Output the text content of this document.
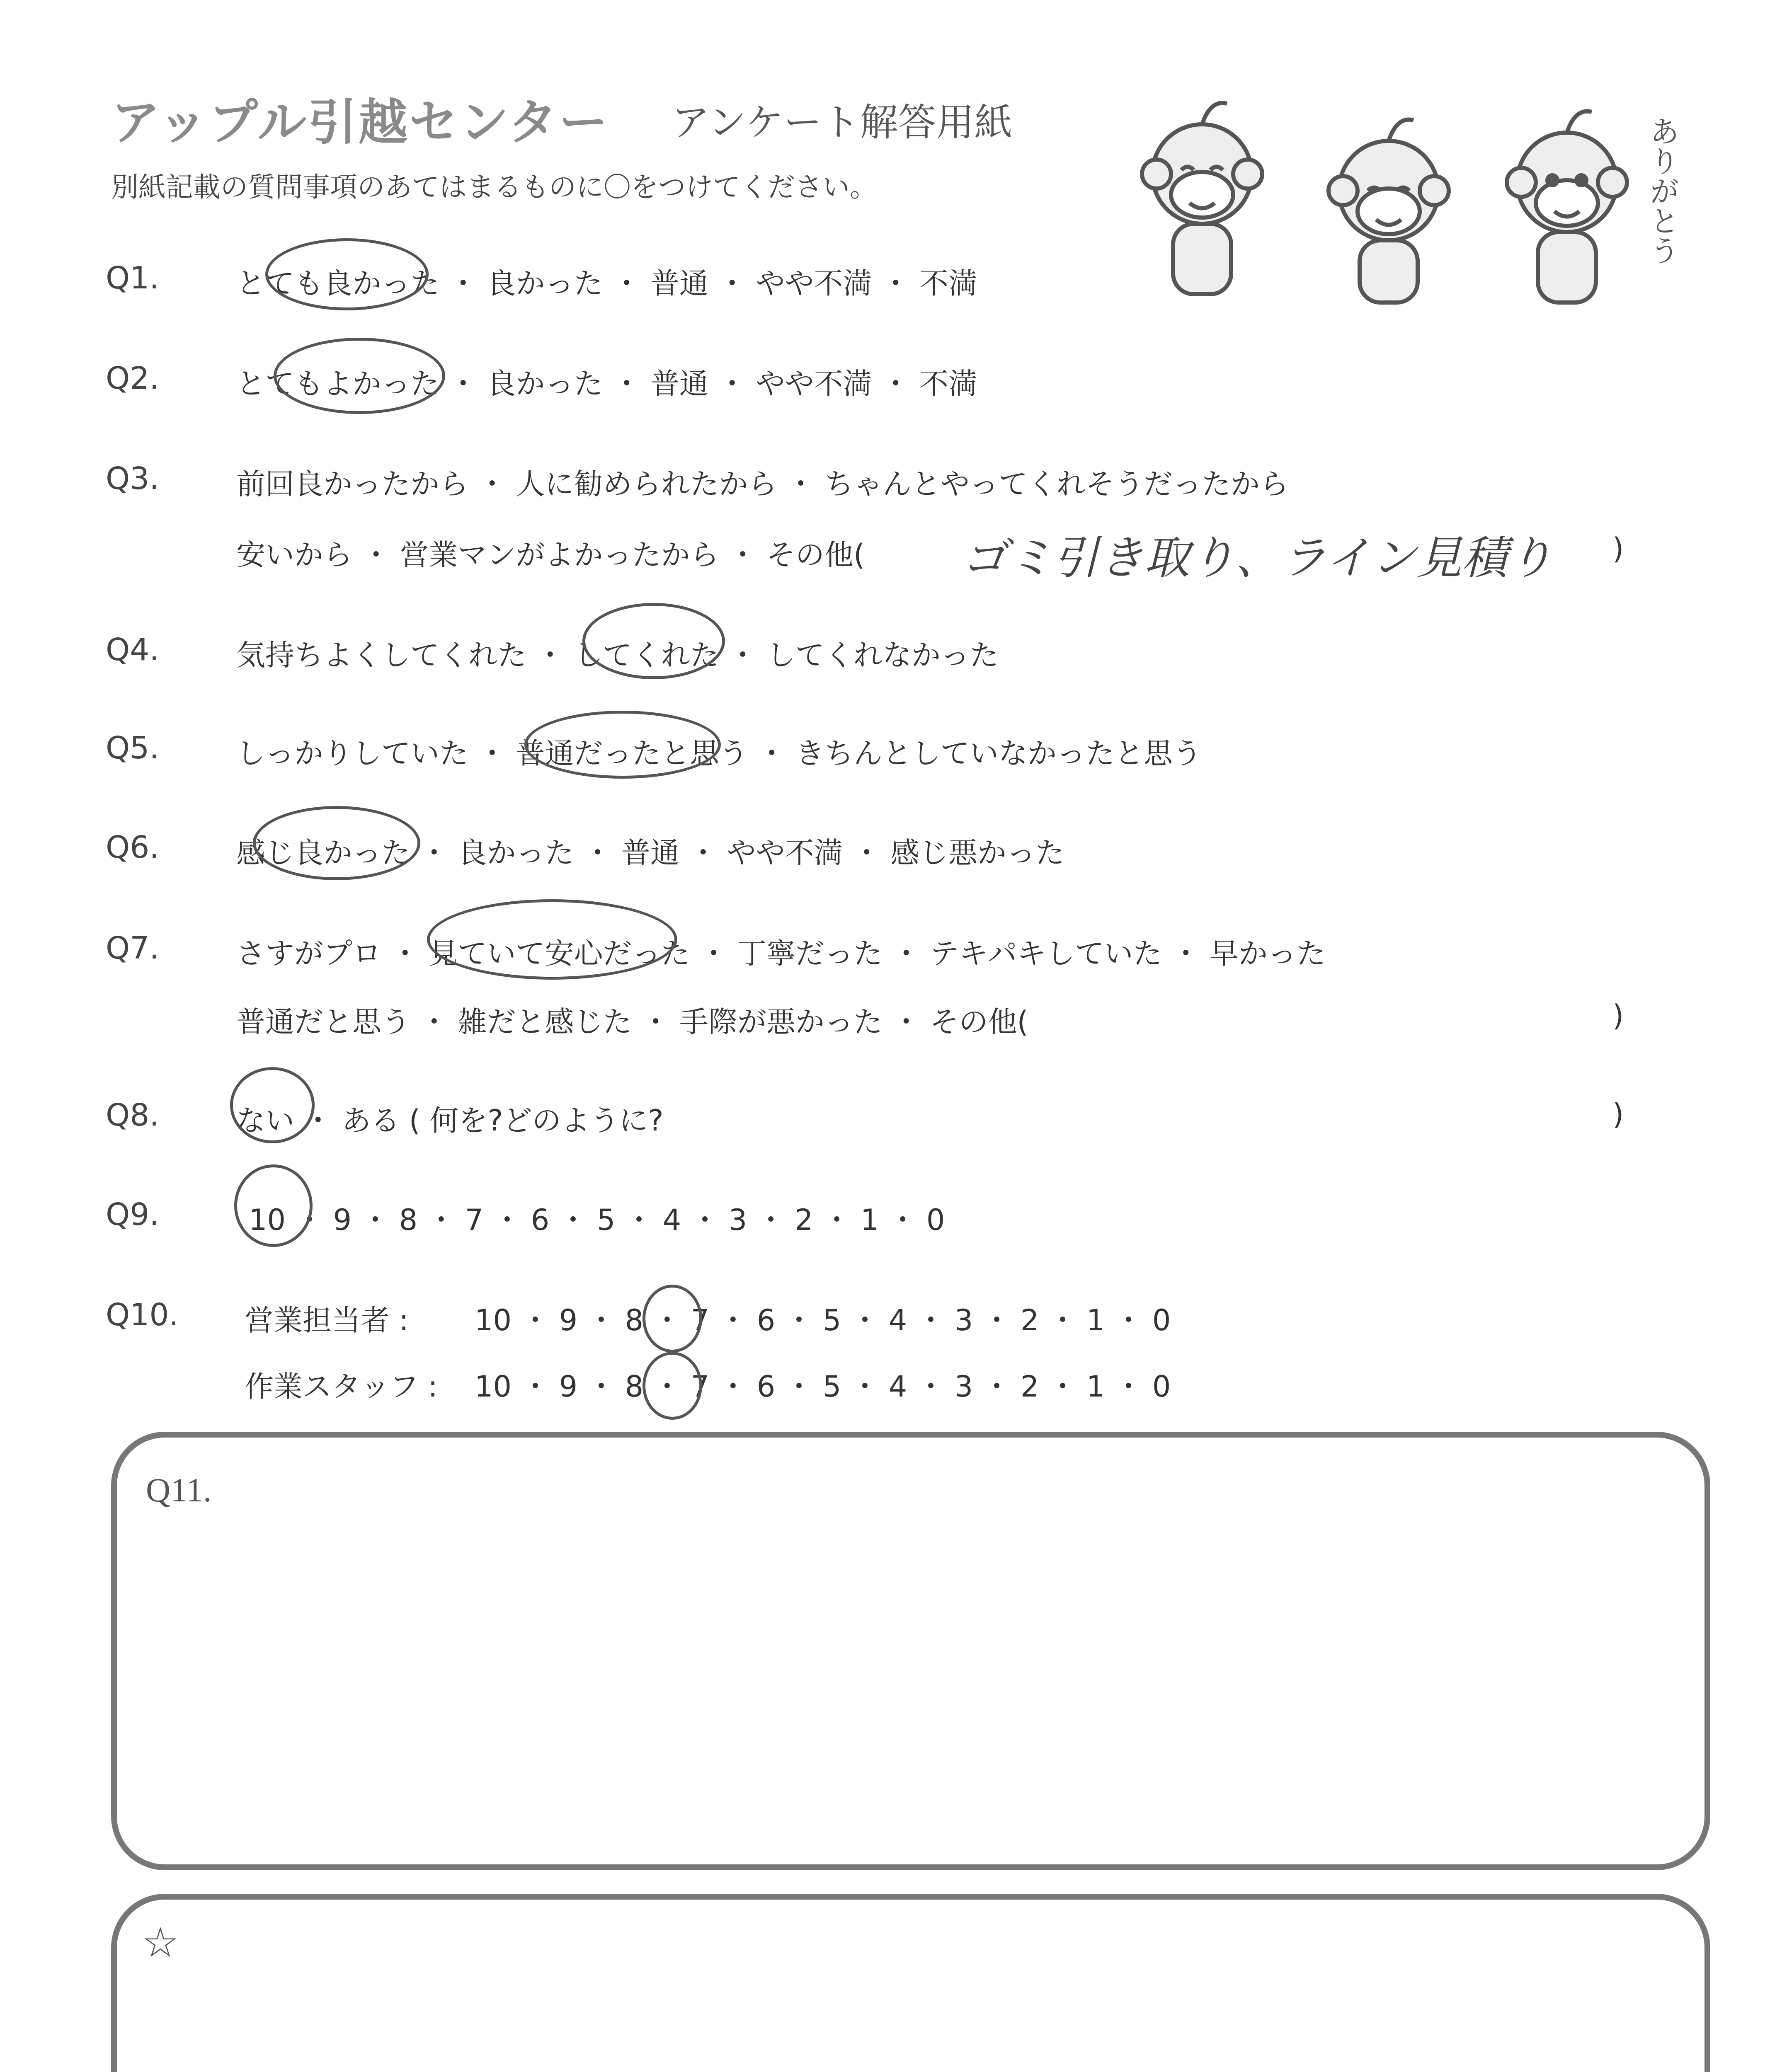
アップル引越センター アンケート解答用紙
別紙記載の質問事項のあてはまるものに〇をつけてください。	ありがとう
Q1.	とても良かった ・ 良かった ・ 普通 ・ やや不満 ・ 不満
Q2.	とてもよかった ・ 良かった ・ 普通 ・ やや不満 ・ 不満
Q3.	前回良かったから ・ 人に勧められたから ・ ちゃんとやってくれそうだったから
安いから ・ 営業マンがよかったから ・ その他( ゴミ引き取り、ライン見積り )
Q4.	気持ちよくしてくれた ・ してくれた ・ してくれなかった
Q5.	しっかりしていた ・ 普通だったと思う ・ きちんとしていなかったと思う
Q6.	感じ良かった ・ 良かった ・ 普通 ・ やや不満 ・ 感じ悪かった
Q7.	さすがプロ ・ 見ていて安心だった ・ 丁寧だった ・ テキパキしていた ・ 早かった
普通だと思う ・ 雑だと感じた ・ 手際が悪かった ・ その他(	)
Q8.	ない ・ ある ( 何を?どのように?	)
Q9.	10 ・ 9 ・ 8 ・ 7 ・ 6 ・ 5 ・ 4 ・ 3 ・ 2 ・ 1 ・ 0
Q10. 営業担当者 : 10 ・ 9 ・ 8 ・ 7 ・ 6 ・ 5 ・ 4 ・ 3 ・ 2 ・ 1 ・ 0
作業スタッフ : 10 ・ 9 ・ 8 ・ 7 ・ 6 ・ 5 ・ 4 ・ 3 ・ 2 ・ 1 ・ 0
Q11.
☆
